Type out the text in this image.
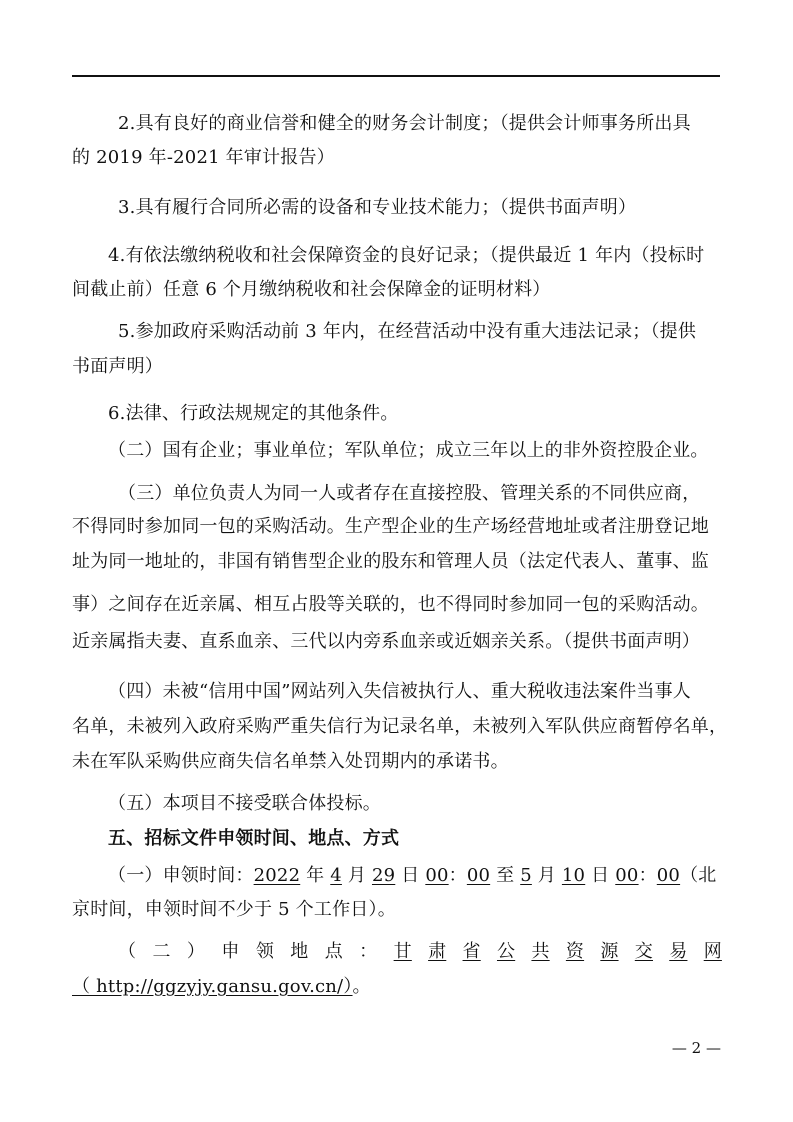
2.具有良好的商业信誉和健全的财务会计制度；（提供会计师事务所出具
的 2019 年-2021 年审计报告）
3.具有履行合同所必需的设备和专业技术能力；（提供书面声明）
4.有依法缴纳税收和社会保障资金的良好记录；（提供最近 1 年内（投标时
间截止前）任意 6 个月缴纳税收和社会保障金的证明材料）
5.参加政府采购活动前 3 年内，在经营活动中没有重大违法记录；（提供
书面声明）
6.法律、行政法规规定的其他条件。
（二）国有企业；事业单位；军队单位；成立三年以上的非外资控股企业。
（三）单位负责人为同一人或者存在直接控股、管理关系的不同供应商，
不得同时参加同一包的采购活动。生产型企业的生产场经营地址或者注册登记地
址为同一地址的，非国有销售型企业的股东和管理人员（法定代表人、董事、监
事）之间存在近亲属、相互占股等关联的，也不得同时参加同一包的采购活动。
近亲属指夫妻、直系血亲、三代以内旁系血亲或近姻亲关系。（提供书面声明）
（四）未被“信用中国”网站列入失信被执行人、重大税收违法案件当事人
名单，未被列入政府采购严重失信行为记录名单，未被列入军队供应商暂停名单，
未在军队采购供应商失信名单禁入处罚期内的承诺书。
（五）本项目不接受联合体投标。
五、招标文件申领时间、地点、方式
（一）申领时间：2022 年 4 月 29 日 00：00 至 5 月 10 日 00：00（北
京时间，申领时间不少于 5 个工作日）。
（ 二 ） 申 领 地 点 ： 甘 肃 省 公 共 资 源 交 易 网
（ http://ggzyjy.gansu.gov.cn/）。
— 2 —
